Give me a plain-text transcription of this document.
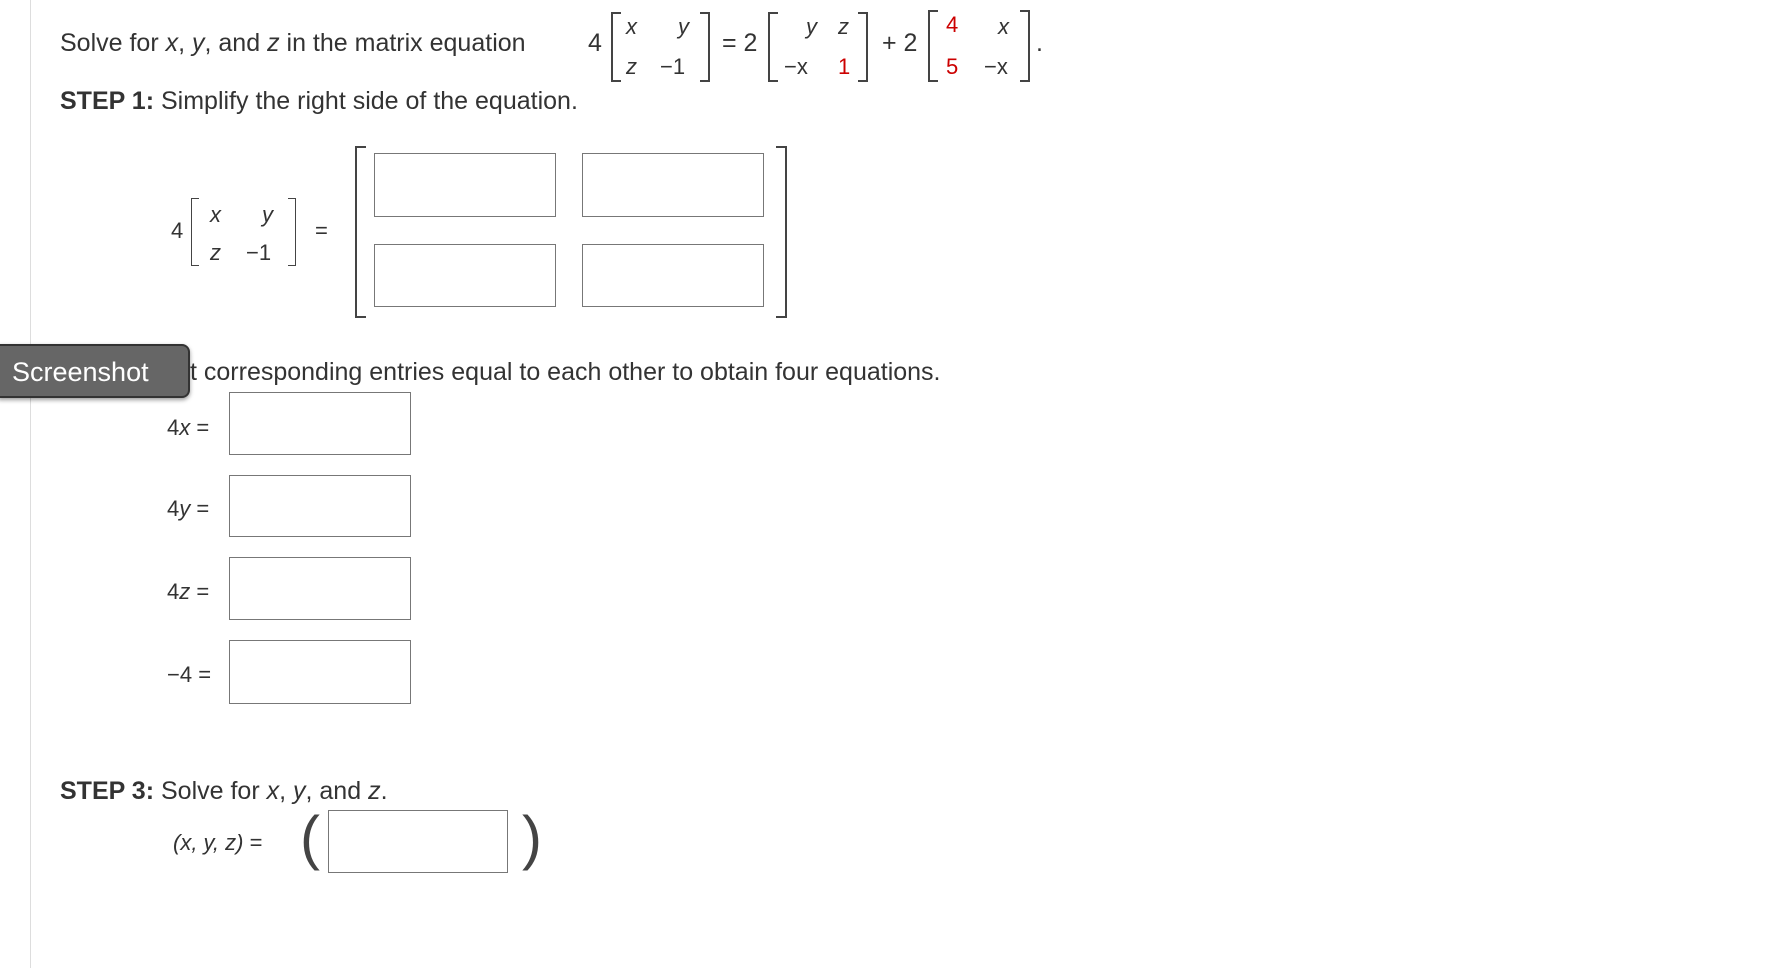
Solve for x, y, and z in the matrix equation 4
x y
z −1
= 2
y z
−x 1
+ 2
4 x
5 −x
.
STEP 1: Simplify the right side of the equation.
4
x y
z −1
=
t corresponding entries equal to each other to obtain four equations.
Screenshot
4x =
4y =
4z =
−4 =
STEP 3: Solve for x, y, and z.
(x, y, z) = (	)
